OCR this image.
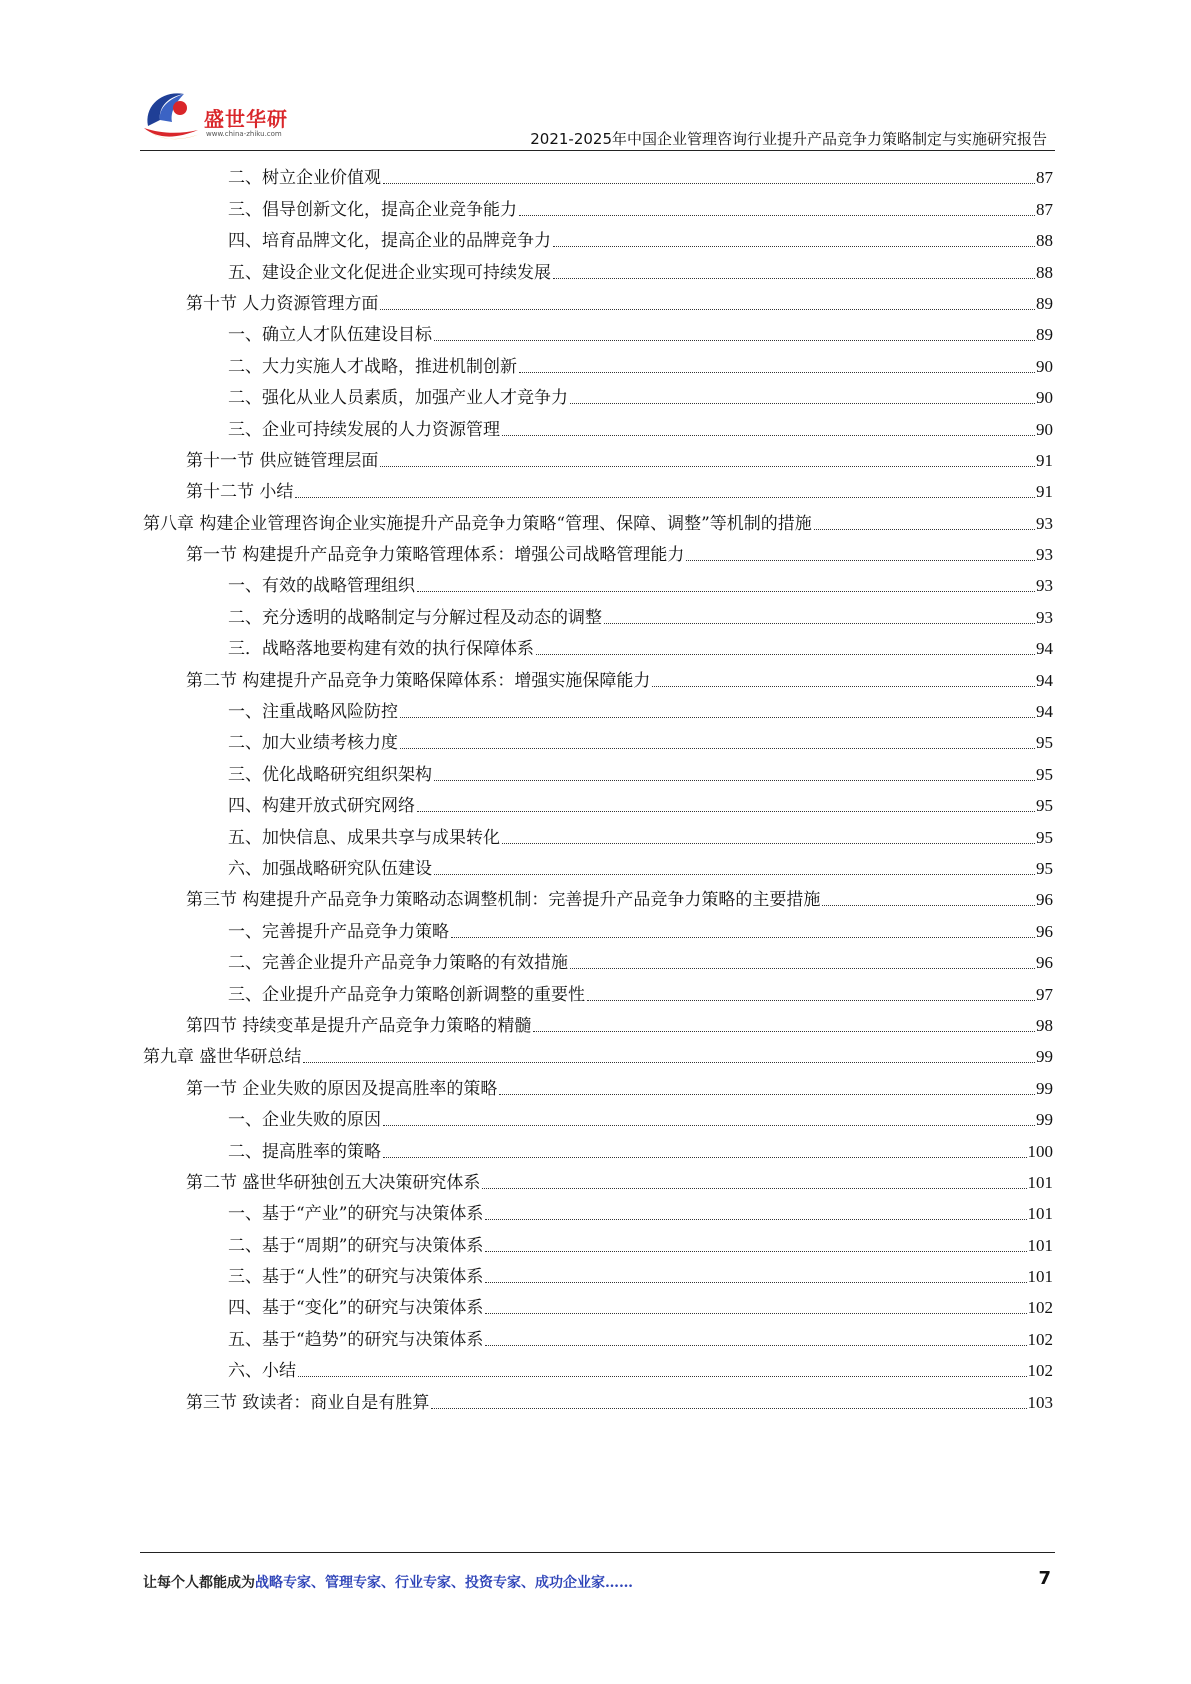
盛世华研
www.china-zhiku.com	2021-2025年中国企业管理咨询行业提升产品竞争力策略制定与实施研究报告
二、树立企业价值观	87
三、倡导创新文化，提高企业竞争能力	87
四、培育品牌文化，提高企业的品牌竞争力	88
五、建设企业文化促进企业实现可持续发展	88
第十节 人力资源管理方面	89
一、确立人才队伍建设目标	89
二、大力实施人才战略，推进机制创新	90
二、强化从业人员素质，加强产业人才竞争力	90
三、企业可持续发展的人力资源管理	90
第十一节 供应链管理层面	91
第十二节 小结	91
第八章 构建企业管理咨询企业实施提升产品竞争力策略“管理、保障、调整”等机制的措施	93
第一节 构建提升产品竞争力策略管理体系：增强公司战略管理能力	93
一、有效的战略管理组织	93
二、充分透明的战略制定与分解过程及动态的调整	93
三．战略落地要构建有效的执行保障体系	94
第二节 构建提升产品竞争力策略保障体系：增强实施保障能力	94
一、注重战略风险防控	94
二、加大业绩考核力度	95
三、优化战略研究组织架构	95
四、构建开放式研究网络	95
五、加快信息、成果共享与成果转化	95
六、加强战略研究队伍建设	95
第三节 构建提升产品竞争力策略动态调整机制：完善提升产品竞争力策略的主要措施	96
一、完善提升产品竞争力策略	96
二、完善企业提升产品竞争力策略的有效措施	96
三、企业提升产品竞争力策略创新调整的重要性	97
第四节 持续变革是提升产品竞争力策略的精髓	98
第九章 盛世华研总结	99
第一节 企业失败的原因及提高胜率的策略	99
一、企业失败的原因	99
二、提高胜率的策略	100
第二节 盛世华研独创五大决策研究体系	101
一、基于“产业”的研究与决策体系	101
二、基于“周期”的研究与决策体系	101
三、基于“人性”的研究与决策体系	101
四、基于“变化”的研究与决策体系	102
五、基于“趋势”的研究与决策体系	102
六、小结	102
第三节 致读者：商业自是有胜算	103
让每个人都能成为战略专家、管理专家、行业专家、投资专家、成功企业家……	7
